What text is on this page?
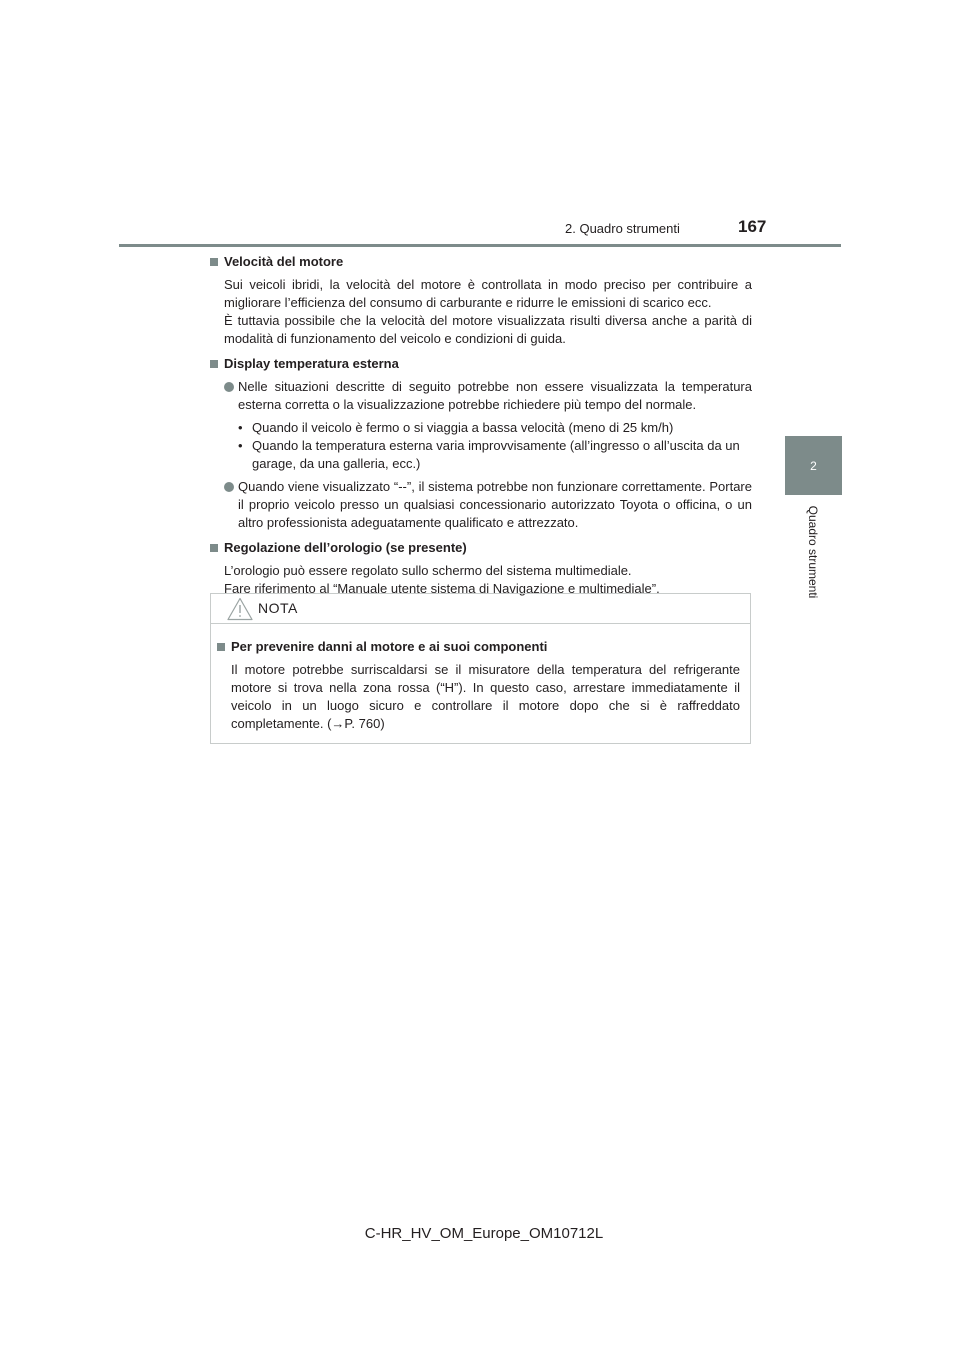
2. Quadro strumenti	167
2
Quadro strumenti
Velocità del motore
Sui veicoli ibridi, la velocità del motore è controllata in modo preciso per contribuire a migliorare l’efficienza del consumo di carburante e ridurre le emissioni di scarico ecc.
È tuttavia possibile che la velocità del motore visualizzata risulti diversa anche a parità di modalità di funzionamento del veicolo e condizioni di guida.
Display temperatura esterna
Nelle situazioni descritte di seguito potrebbe non essere visualizzata la temperatura esterna corretta o la visualizzazione potrebbe richiedere più tempo del normale.
• Quando il veicolo è fermo o si viaggia a bassa velocità (meno di 25 km/h)
• Quando la temperatura esterna varia improvvisamente (all’ingresso o all’uscita da un garage, da una galleria, ecc.)
Quando viene visualizzato “--”, il sistema potrebbe non funzionare correttamente. Portare il proprio veicolo presso un qualsiasi concessionario autorizzato Toyota o officina, o un altro professionista adeguatamente qualificato e attrezzato.
Regolazione dell’orologio (se presente)
L’orologio può essere regolato sullo schermo del sistema multimediale.
Fare riferimento al “Manuale utente sistema di Navigazione e multimediale”.
NOTA
Per prevenire danni al motore e ai suoi componenti
Il motore potrebbe surriscaldarsi se il misuratore della temperatura del refrigerante motore si trova nella zona rossa (“H”). In questo caso, arrestare immediatamente il veicolo in un luogo sicuro e controllare il motore dopo che si è raffreddato completamente. (→P. 760)
C-HR_HV_OM_Europe_OM10712L
